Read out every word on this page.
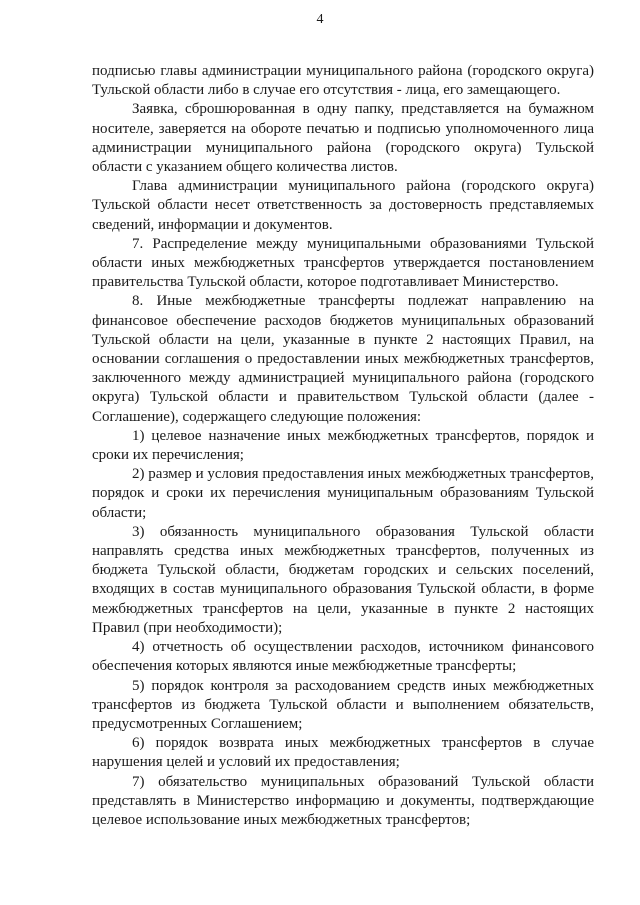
4

подписью главы администрации муниципального района (городского округа) Тульской области либо в случае его отсутствия - лица, его замещающего.

Заявка, сброшюрованная в одну папку, представляется на бумажном носителе, заверяется на обороте печатью и подписью уполномоченного лица администрации муниципального района (городского округа) Тульской области с указанием общего количества листов.

Глава администрации муниципального района (городского округа) Тульской области несет ответственность за достоверность представляемых сведений, информации и документов.

7. Распределение между муниципальными образованиями Тульской области иных межбюджетных трансфертов утверждается постановлением правительства Тульской области, которое подготавливает Министерство.

8. Иные межбюджетные трансферты подлежат направлению на финансовое обеспечение расходов бюджетов муниципальных образований Тульской области на цели, указанные в пункте 2 настоящих Правил, на основании соглашения о предоставлении иных межбюджетных трансфертов, заключенного между администрацией муниципального района (городского округа) Тульской области и правительством Тульской области (далее - Соглашение), содержащего следующие положения:

1) целевое назначение иных межбюджетных трансфертов, порядок и сроки их перечисления;

2) размер и условия предоставления иных межбюджетных трансфертов, порядок и сроки их перечисления муниципальным образованиям Тульской области;

3) обязанность муниципального образования Тульской области направлять средства иных межбюджетных трансфертов, полученных из бюджета Тульской области, бюджетам городских и сельских поселений, входящих в состав муниципального образования Тульской области, в форме межбюджетных трансфертов на цели, указанные в пункте 2 настоящих Правил (при необходимости);

4) отчетность об осуществлении расходов, источником финансового обеспечения которых являются иные межбюджетные трансферты;

5) порядок контроля за расходованием средств иных межбюджетных трансфертов из бюджета Тульской области и выполнением обязательств, предусмотренных Соглашением;

6) порядок возврата иных межбюджетных трансфертов в случае нарушения целей и условий их предоставления;

7) обязательство муниципальных образований Тульской области представлять в Министерство информацию и документы, подтверждающие целевое использование иных межбюджетных трансфертов;
